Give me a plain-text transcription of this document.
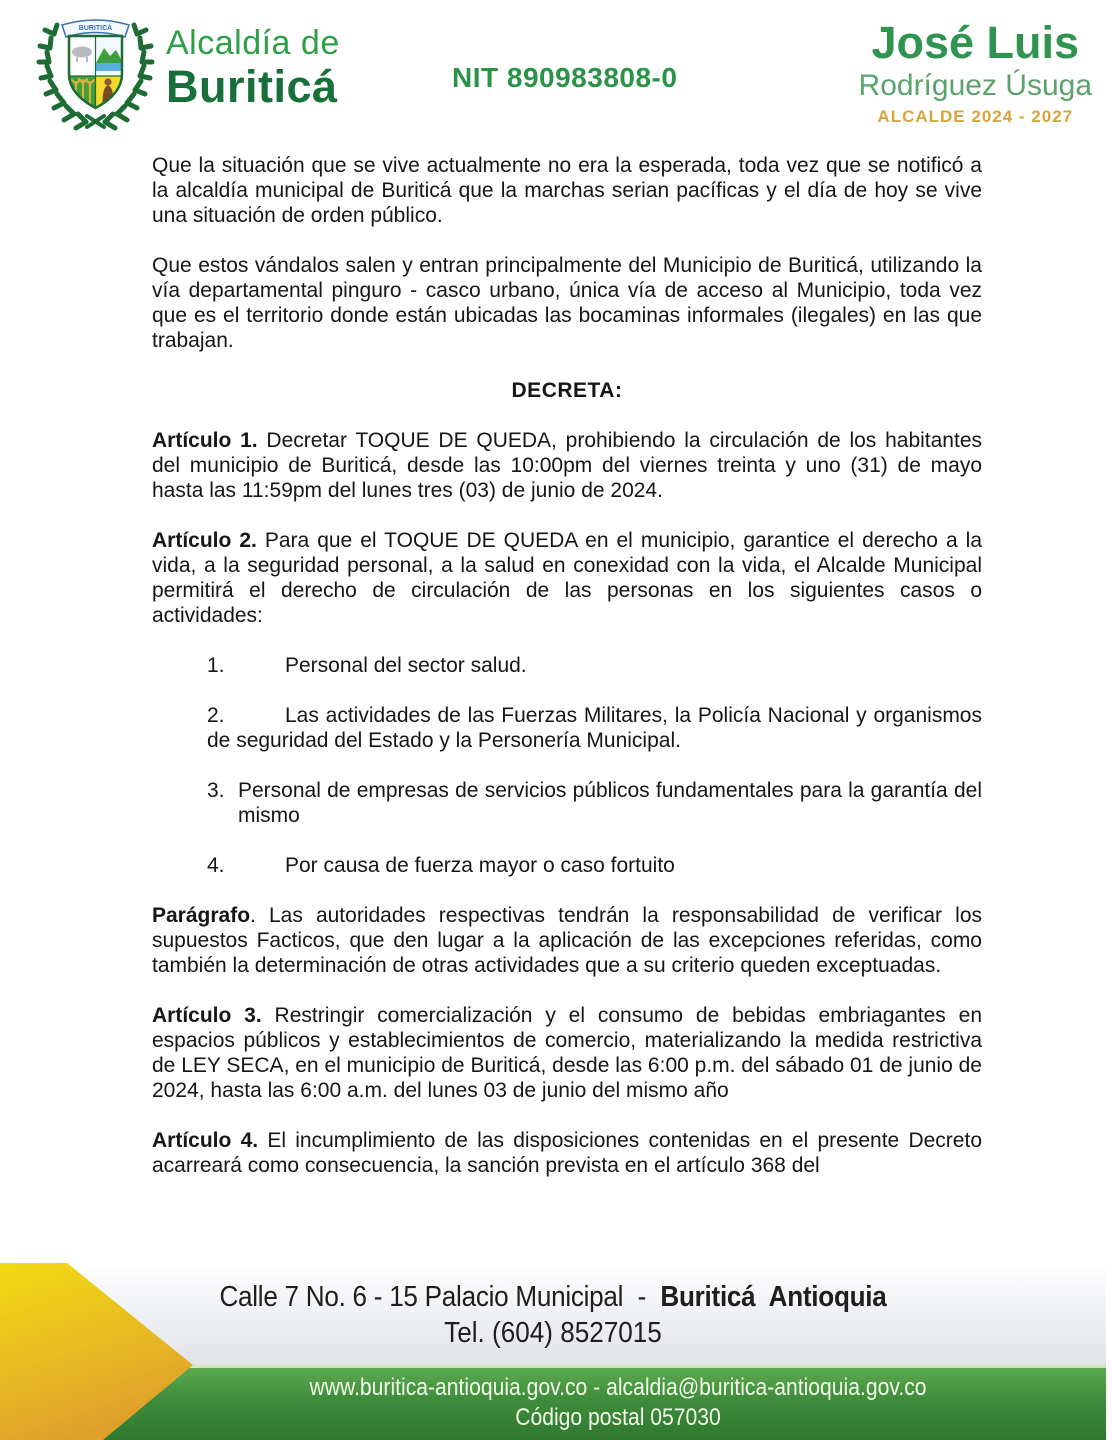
BURITICÁ Alcaldía de
Buriticá	NIT 890983808-0
José Luis
Rodríguez Úsuga
ALCALDE 2024 - 2027

Que la situación que se vive actualmente no era la esperada, toda vez que se notificó a la alcaldía municipal de Buriticá que la marchas serian pacíficas y el día de hoy se vive una situación de orden público.

Que estos vándalos salen y entran principalmente del Municipio de Buriticá, utilizando la vía departamental pinguro - casco urbano, única vía de acceso al Municipio, toda vez que es el territorio donde están ubicadas las bocaminas informales (ilegales) en las que trabajan.

DECRETA:

Artículo 1. Decretar TOQUE DE QUEDA, prohibiendo la circulación de los habitantes del municipio de Buriticá, desde las 10:00pm del viernes treinta y uno (31) de mayo hasta las 11:59pm del lunes tres (03) de junio de 2024.

Artículo 2. Para que el TOQUE DE QUEDA en el municipio, garantice el derecho a la vida, a la seguridad personal, a la salud en conexidad con la vida, el Alcalde Municipal permitirá el derecho de circulación de las personas en los siguientes casos o actividades:

1.	Personal del sector salud.
2.	Las actividades de las Fuerzas Militares, la Policía Nacional y organismos de seguridad del Estado y la Personería Municipal.
3. Personal de empresas de servicios públicos fundamentales para la garantía del mismo
4.	Por causa de fuerza mayor o caso fortuito

Parágrafo. Las autoridades respectivas tendrán la responsabilidad de verificar los supuestos Facticos, que den lugar a la aplicación de las excepciones referidas, como también la determinación de otras actividades que a su criterio queden exceptuadas.

Artículo 3. Restringir comercialización y el consumo de bebidas embriagantes en espacios públicos y establecimientos de comercio, materializando la medida restrictiva de LEY SECA, en el municipio de Buriticá, desde las 6:00 p.m. del sábado 01 de junio de 2024, hasta las 6:00 a.m. del lunes 03 de junio del mismo año

Artículo 4. El incumplimiento de las disposiciones contenidas en el presente Decreto acarreará como consecuencia, la sanción prevista en el artículo 368 del

Calle 7 No. 6 - 15 Palacio Municipal - Buriticá Antioquia
Tel. (604) 8527015
www.buritica-antioquia.gov.co - alcaldia@buritica-antioquia.gov.co
Código postal 057030
